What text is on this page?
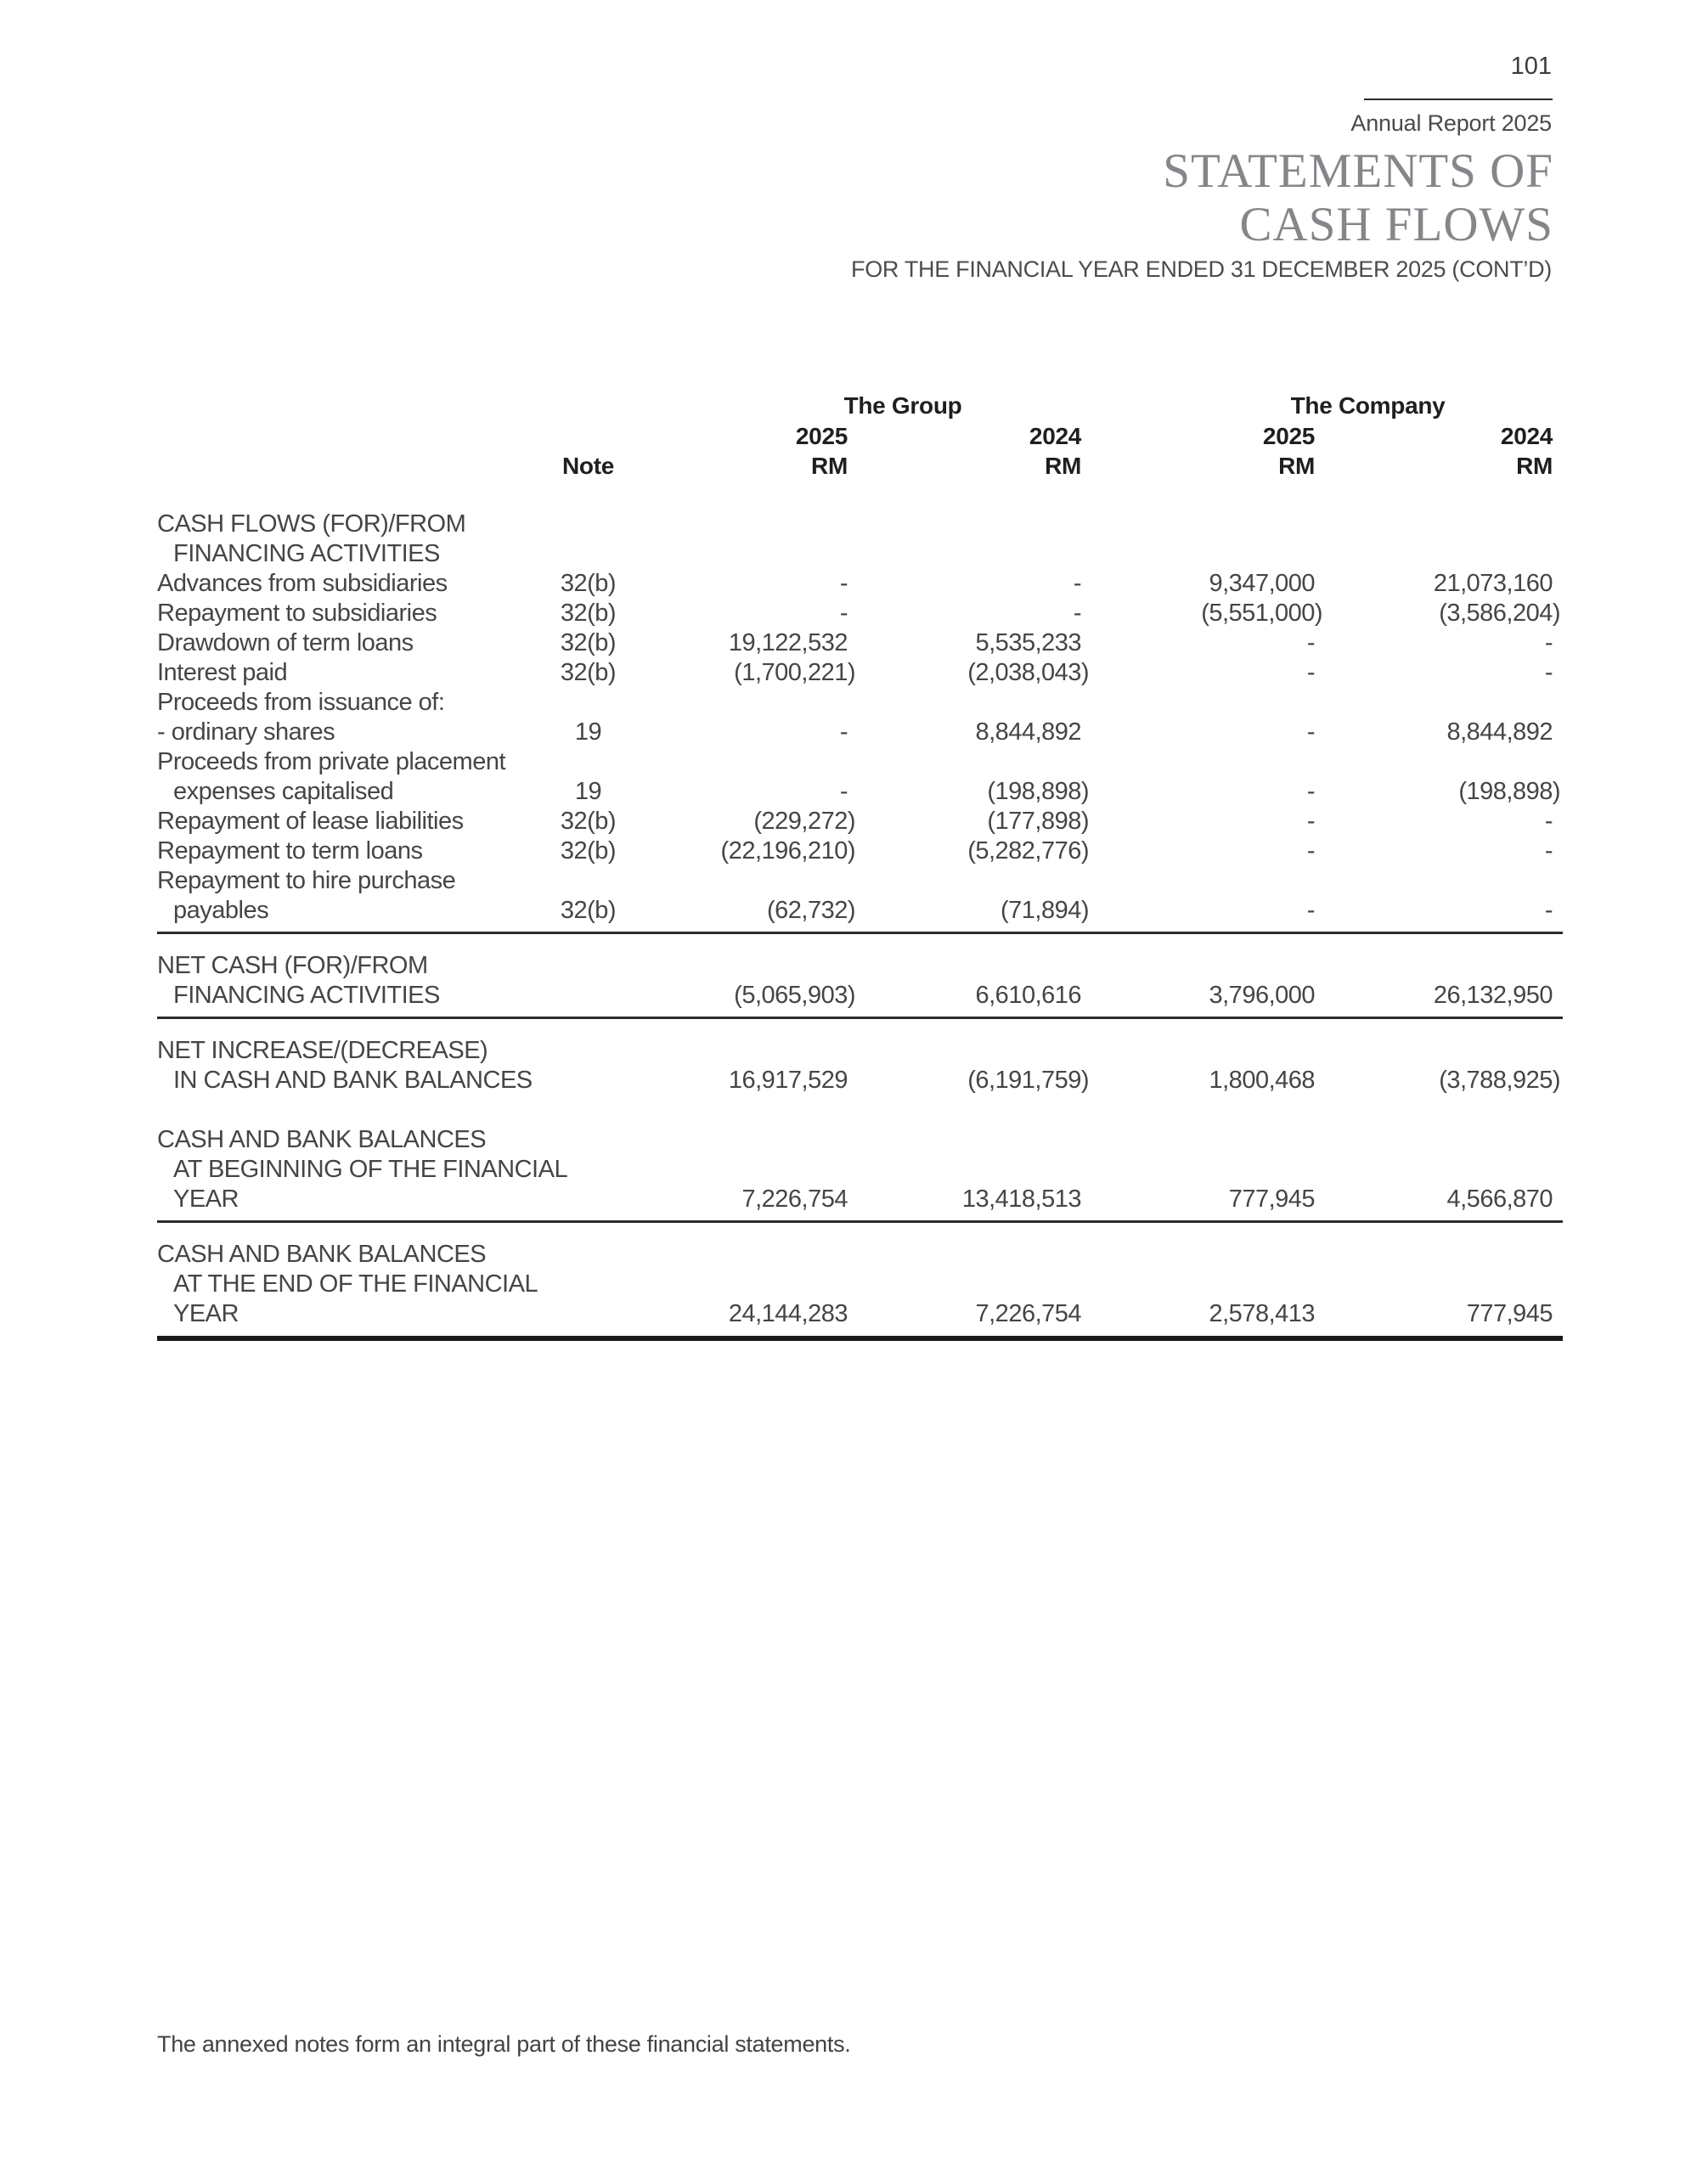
101
Annual Report 2025
STATEMENTS OF
CASH FLOWS
FOR THE FINANCIAL YEAR ENDED 31 DECEMBER 2025 (CONT’D)
		The Group		The Company	
		2025	2024	2025	2024
	Note	RM	RM	RM	RM

CASH FLOWS (FOR)/FROM					
FINANCING ACTIVITIES					
Advances from subsidiaries	32(b)	-	-	9,347,000	21,073,160
Repayment to subsidiaries	32(b)	-	-	(5,551,000)	(3,586,204)
Drawdown of term loans	32(b)	19,122,532	5,535,233	-	-
Interest paid	32(b)	(1,700,221)	(2,038,043)	-	-
Proceeds from issuance of:					
- ordinary shares	19	-	8,844,892	-	8,844,892
Proceeds from private placement					
expenses capitalised	19	-	(198,898)	-	(198,898)
Repayment of lease liabilities	32(b)	(229,272)	(177,898)	-	-
Repayment to term loans	32(b)	(22,196,210)	(5,282,776)	-	-
Repayment to hire purchase					
payables	32(b)	(62,732)	(71,894)	-	-

NET CASH (FOR)/FROM					
FINANCING ACTIVITIES		(5,065,903)	6,610,616	3,796,000	26,132,950

NET INCREASE/(DECREASE)					
IN CASH AND BANK BALANCES		16,917,529	(6,191,759)	1,800,468	(3,788,925)

CASH AND BANK BALANCES					
AT BEGINNING OF THE FINANCIAL					
YEAR		7,226,754	13,418,513	777,945	4,566,870

CASH AND BANK BALANCES					
AT THE END OF THE FINANCIAL					
YEAR		24,144,283	7,226,754	2,578,413	777,945

The annexed notes form an integral part of these financial statements.
